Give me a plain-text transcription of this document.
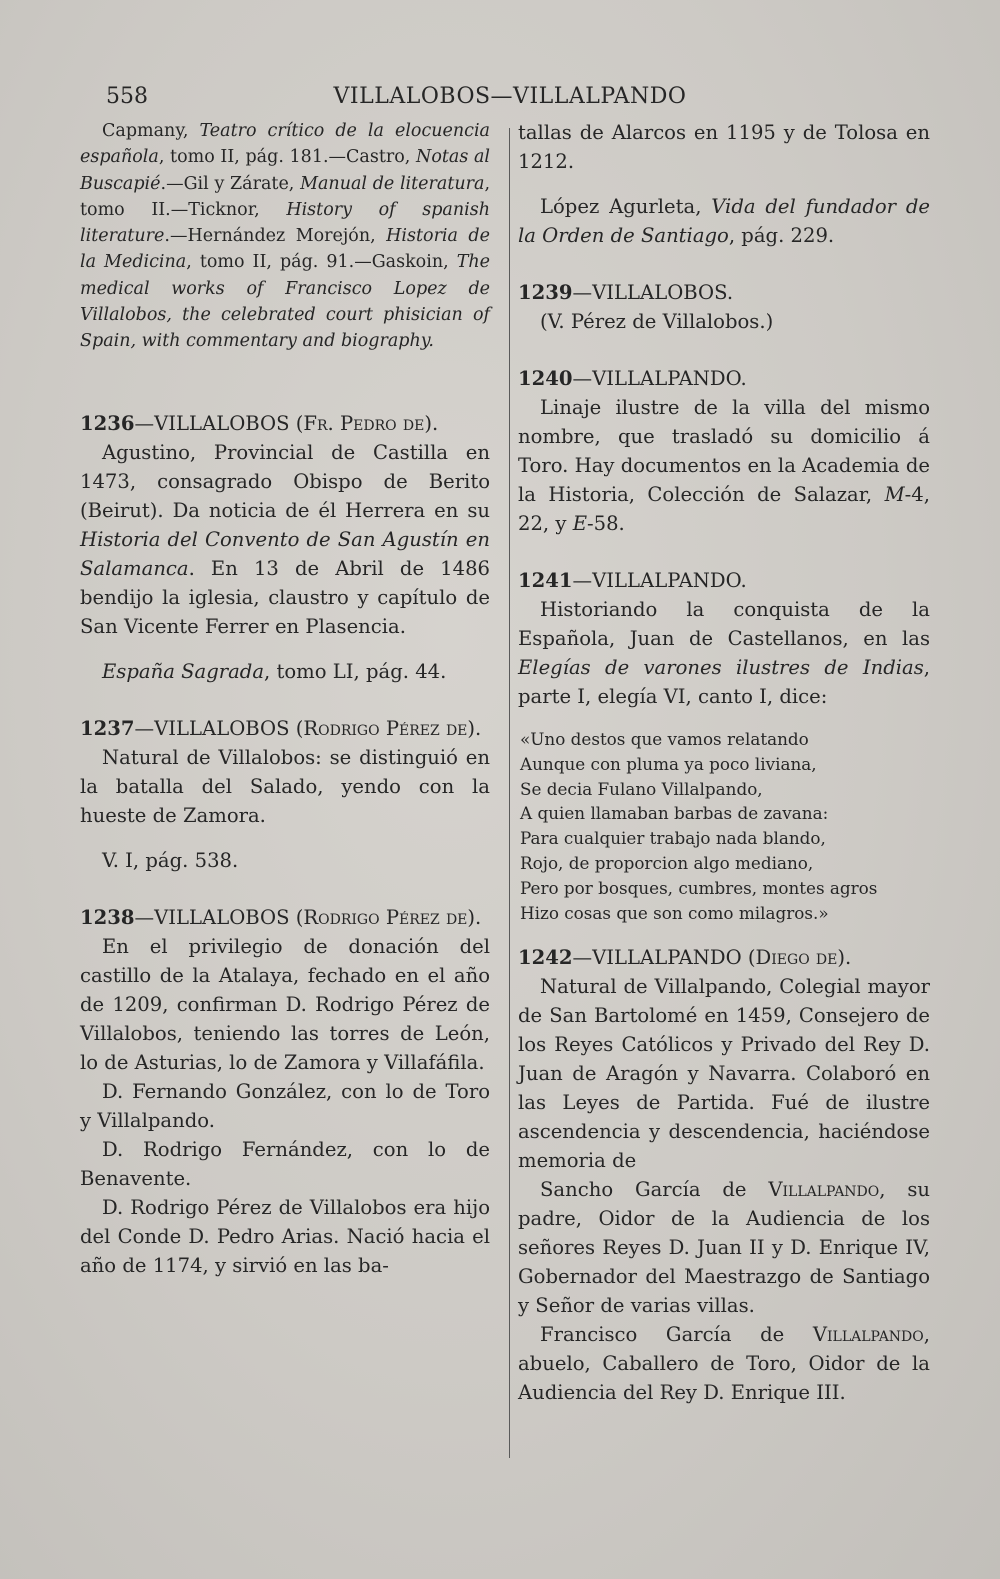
558	VILLALOBOS—VILLALPANDO

Capmany, Teatro crítico de la elocuencia española, tomo II, pág. 181.—Castro, Notas al Buscapié.—Gil y Zárate, Manual de literatura, tomo II.—Ticknor, History of spanish literature.—Hernández Morejón, Historia de la Medicina, tomo II, pág. 91.—Gaskoin, The medical works of Francisco Lopez de Villalobos, the celebrated court phisician of Spain, with commentary and biography.

1236—VILLALOBOS (Fr. Pedro de).

Agustino, Provincial de Castilla en 1473, consagrado Obispo de Berito (Beirut). Da noticia de él Herrera en su Historia del Convento de San Agustín en Salamanca. En 13 de Abril de 1486 bendijo la iglesia, claustro y capítulo de San Vicente Ferrer en Plasencia.

España Sagrada, tomo LI, pág. 44.

1237—VILLALOBOS (Rodrigo Pérez de).

Natural de Villalobos: se distinguió en la batalla del Salado, yendo con la hueste de Zamora.

V. I, pág. 538.

1238—VILLALOBOS (Rodrigo Pérez de).

En el privilegio de donación del castillo de la Atalaya, fechado en el año de 1209, confirman D. Rodrigo Pérez de Villalobos, teniendo las torres de León, lo de Asturias, lo de Zamora y Villafáfila.

D. Fernando González, con lo de Toro y Villalpando.

D. Rodrigo Fernández, con lo de Benavente.

D. Rodrigo Pérez de Villalobos era hijo del Conde D. Pedro Arias. Nació hacia el año de 1174, y sirvió en las ba-

tallas de Alarcos en 1195 y de Tolosa en 1212.

López Agurleta, Vida del fundador de la Orden de Santiago, pág. 229.

1239—VILLALOBOS.

(V. Pérez de Villalobos.)

1240—VILLALPANDO.

Linaje ilustre de la villa del mismo nombre, que trasladó su domicilio á Toro. Hay documentos en la Academia de la Historia, Colección de Salazar, M-4, 22, y E-58.

1241—VILLALPANDO.

Historiando la conquista de la Española, Juan de Castellanos, en las Elegías de varones ilustres de Indias, parte I, elegía VI, canto I, dice:

«Uno destos que vamos relatando
Aunque con pluma ya poco liviana,
Se decia Fulano Villalpando,
A quien llamaban barbas de zavana:
Para cualquier trabajo nada blando,
Rojo, de proporcion algo mediano,
Pero por bosques, cumbres, montes agros
Hizo cosas que son como milagros.»

1242—VILLALPANDO (Diego de).

Natural de Villalpando, Colegial mayor de San Bartolomé en 1459, Consejero de los Reyes Católicos y Privado del Rey D. Juan de Aragón y Navarra. Colaboró en las Leyes de Partida. Fué de ilustre ascendencia y descendencia, haciéndose memoria de

Sancho García de Villalpando, su padre, Oidor de la Audiencia de los señores Reyes D. Juan II y D. Enrique IV, Gobernador del Maestrazgo de Santiago y Señor de varias villas.

Francisco García de Villalpando, abuelo, Caballero de Toro, Oidor de la Audiencia del Rey D. Enrique III.
